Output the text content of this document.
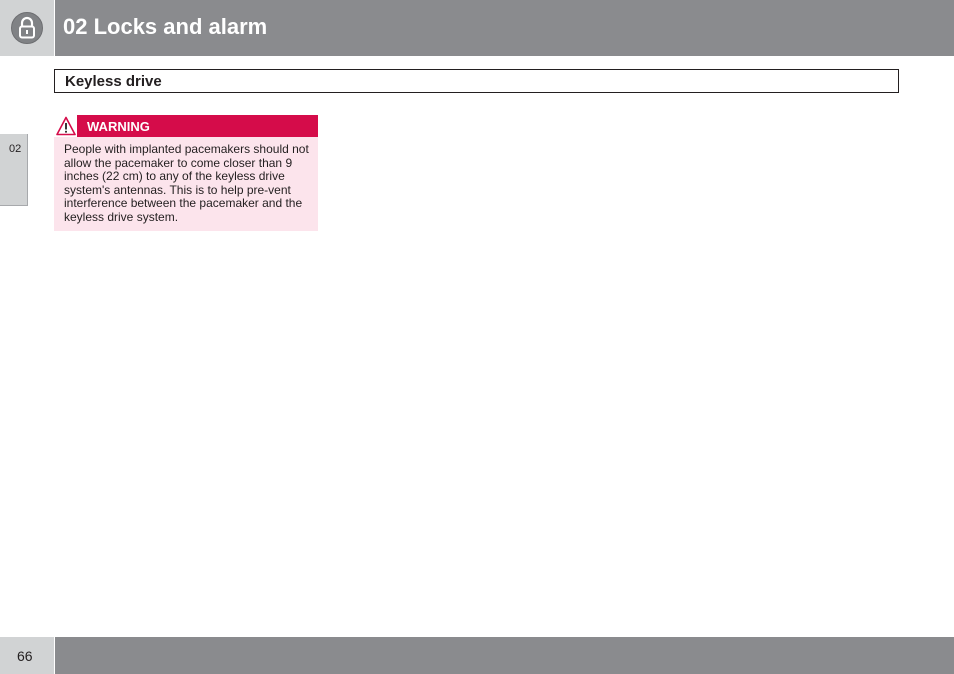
02 Locks and alarm
Keyless drive
02
WARNING

People with implanted pacemakers should not allow the pacemaker to come closer than 9 inches (22 cm) to any of the keyless drive system's antennas. This is to help pre-vent interference between the pacemaker and the keyless drive system.

66
